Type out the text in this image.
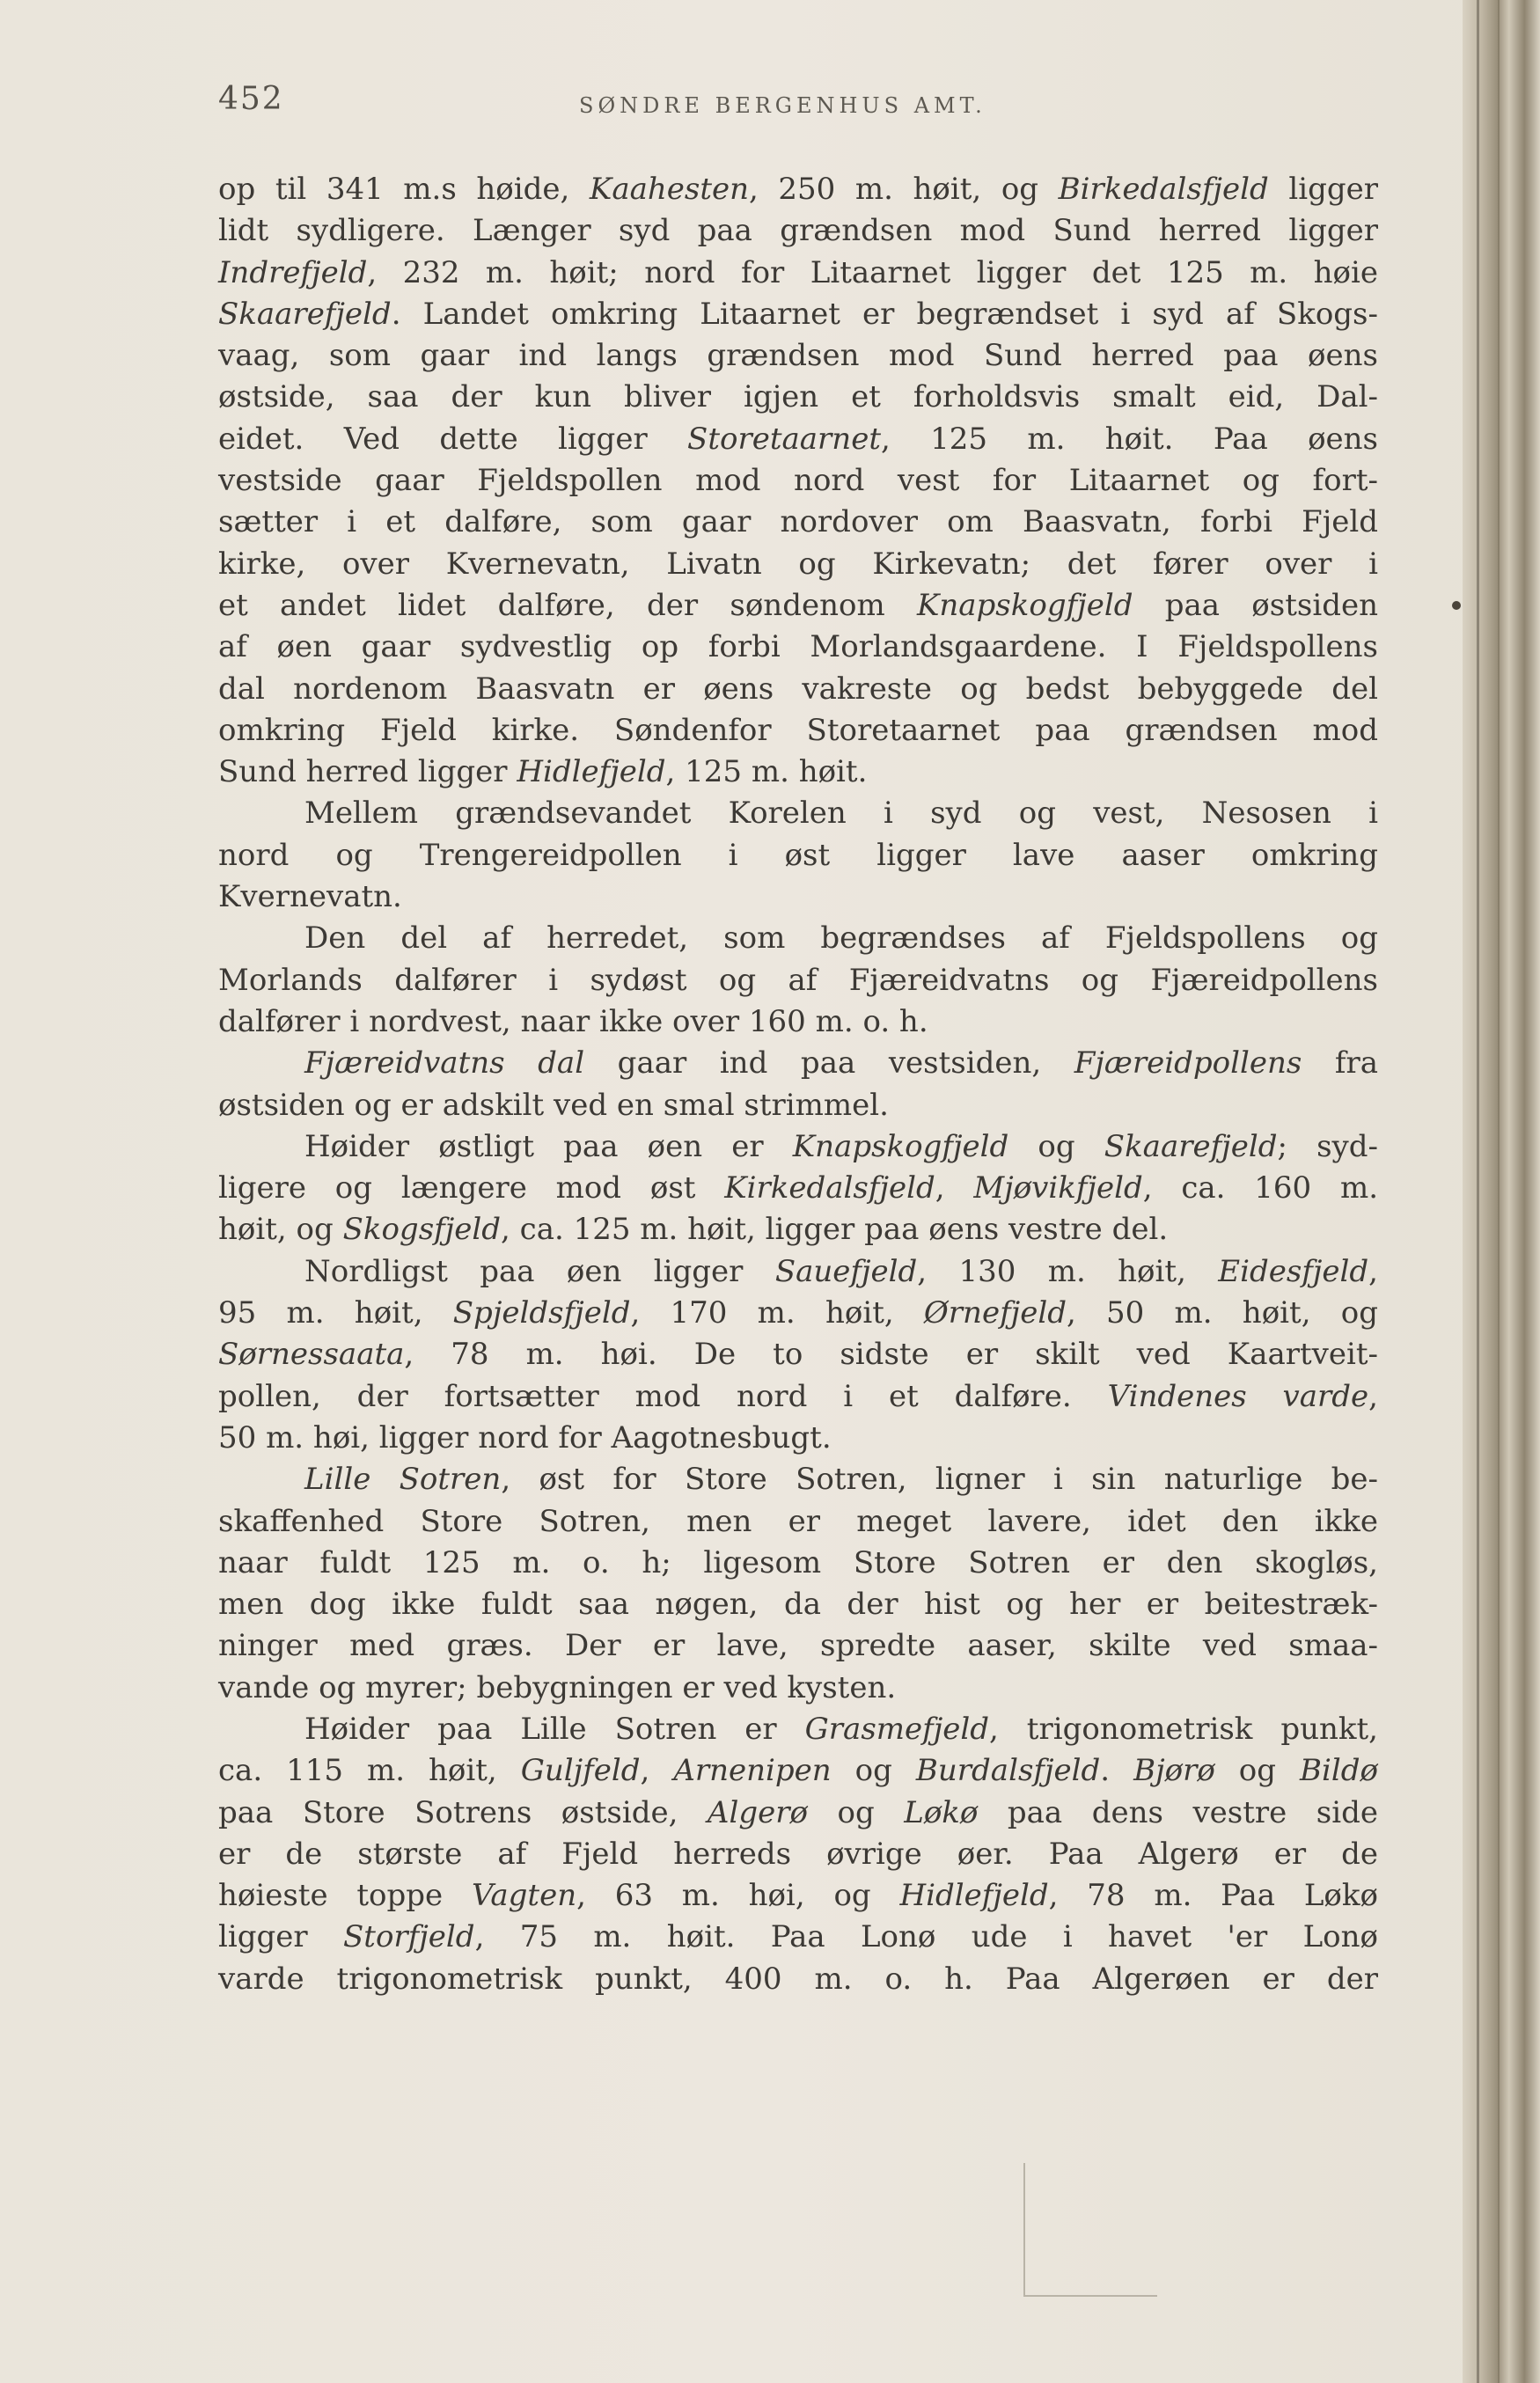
452	SØNDRE BERGENHUS AMT.
op til 341 m.s høide, Kaahesten, 250 m. høit, og Birkedalsfjeld ligger
lidt sydligere. Længer syd paa grændsen mod Sund herred ligger
Indrefjeld, 232 m. høit; nord for Litaarnet ligger det 125 m. høie
Skaarefjeld. Landet omkring Litaarnet er begrændset i syd af Skogs-
vaag, som gaar ind langs grændsen mod Sund herred paa øens
østside, saa der kun bliver igjen et forholdsvis smalt eid, Dal-
eidet. Ved dette ligger Storetaarnet, 125 m. høit. Paa øens
vestside gaar Fjeldspollen mod nord vest for Litaarnet og fort-
sætter i et dalføre, som gaar nordover om Baasvatn, forbi Fjeld
kirke, over Kvernevatn, Livatn og Kirkevatn; det fører over i
et andet lidet dalføre, der søndenom Knapskogfjeld paa østsiden
af øen gaar sydvestlig op forbi Morlandsgaardene. I Fjeldspollens
dal nordenom Baasvatn er øens vakreste og bedst bebyggede del
omkring Fjeld kirke. Søndenfor Storetaarnet paa grændsen mod
Sund herred ligger Hidlefjeld, 125 m. høit.
Mellem grændsevandet Korelen i syd og vest, Nesosen i
nord og Trengereidpollen i øst ligger lave aaser omkring
Kvernevatn.
Den del af herredet, som begrændses af Fjeldspollens og
Morlands dalfører i sydøst og af Fjæreidvatns og Fjæreidpollens
dalfører i nordvest, naar ikke over 160 m. o. h.
Fjæreidvatns dal gaar ind paa vestsiden, Fjæreidpollens fra
østsiden og er adskilt ved en smal strimmel.
Høider østligt paa øen er Knapskogfjeld og Skaarefjeld; syd-
ligere og længere mod øst Kirkedalsfjeld, Mjøvikfjeld, ca. 160 m.
høit, og Skogsfjeld, ca. 125 m. høit, ligger paa øens vestre del.
Nordligst paa øen ligger Sauefjeld, 130 m. høit, Eidesfjeld,
95 m. høit, Spjeldsfjeld, 170 m. høit, Ørnefjeld, 50 m. høit, og
Sørnessaata, 78 m. høi. De to sidste er skilt ved Kaartveit-
pollen, der fortsætter mod nord i et dalføre. Vindenes varde,
50 m. høi, ligger nord for Aagotnesbugt.
Lille Sotren, øst for Store Sotren, ligner i sin naturlige be-
skaffenhed Store Sotren, men er meget lavere, idet den ikke
naar fuldt 125 m. o. h; ligesom Store Sotren er den skogløs,
men dog ikke fuldt saa nøgen, da der hist og her er beitestræk-
ninger med græs. Der er lave, spredte aaser, skilte ved smaa-
vande og myrer; bebygningen er ved kysten.
Høider paa Lille Sotren er Grasmefjeld, trigonometrisk punkt,
ca. 115 m. høit, Guljfeld, Arnenipen og Burdalsfjeld. Bjørø og Bildø
paa Store Sotrens østside, Algerø og Løkø paa dens vestre side
er de største af Fjeld herreds øvrige øer. Paa Algerø er de
høieste toppe Vagten, 63 m. høi, og Hidlefjeld, 78 m. Paa Løkø
ligger Storfjeld, 75 m. høit. Paa Lonø ude i havet 'er Lonø
varde trigonometrisk punkt, 400 m. o. h. Paa Algerøen er der
